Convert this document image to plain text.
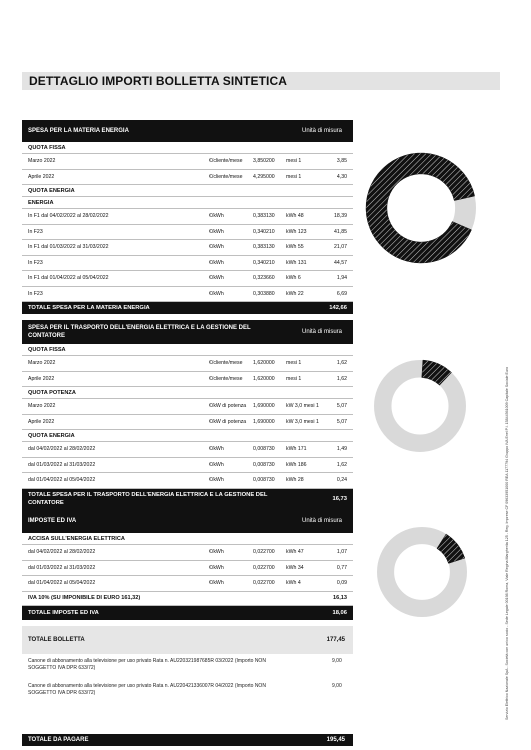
DETTAGLIO IMPORTI BOLLETTA SINTETICA
SPESA PER LA MATERIA ENERGIA	Unità di misura
QUOTA FISSA
Marzo 2022	€/cliente/mese 3,850200 mesi 1	3,85
Aprile 2022	€/cliente/mese 4,295000 mesi 1	4,30
QUOTA ENERGIA
ENERGIA
In F1 dal 04/02/2022 al 28/02/2022	€/kWh	0,383130 kWh 48	18,39
In F23	€/kWh	0,340210 kWh 123	41,85
In F1 dal 01/03/2022 al 31/03/2022	€/kWh	0,383130 kWh 55	21,07
In F23	€/kWh	0,340210 kWh 131	44,57
In F1 dal 01/04/2022 al 05/04/2022	€/kWh	0,323660 kWh 6	1,94
In F23	€/kWh	0,303880 kWh 22	6,69
TOTALE SPESA PER LA MATERIA ENERGIA	142,66
SPESA PER IL TRASPORTO DELL'ENERGIA ELETTRICA E LA GESTIONE DEL CONTATORE
Unità di misura
QUOTA FISSA
Marzo 2022	€/cliente/mese 1,620000 mesi 1	1,62
Aprile 2022	€/cliente/mese 1,620000 mesi 1	1,62
QUOTA POTENZA
Marzo 2022	€/kW di potenza 1,690000 kW 3,0 mesi 1	5,07
Aprile 2022	€/kW di potenza 1,690000 kW 3,0 mesi 1	5,07
QUOTA ENERGIA
dal 04/02/2022 al 28/02/2022	€/kWh	0,008730 kWh 171	1,49
dal 01/03/2022 al 31/03/2022	€/kWh	0,008730 kWh 186	1,62
dal 01/04/2022 al 05/04/2022	€/kWh	0,008730 kWh 28	0,24
TOTALE SPESA PER IL TRASPORTO DELL'ENERGIA ELETTRICA E LA GESTIONE DEL CONTATORE
16,73
IMPOSTE ED IVA	Unità di misura
ACCISA SULL'ENERGIA ELETTRICA
dal 04/02/2022 al 28/02/2022	€/kWh	0,022700 kWh 47	1,07
dal 01/03/2022 al 31/03/2022	€/kWh	0,022700 kWh 34	0,77
dal 01/04/2022 al 05/04/2022	€/kWh	0,022700 kWh 4	0,09
IVA 10% (SU IMPONIBILE DI EURO 161,32)	16,13
TOTALE IMPOSTE ED IVA	18,06	Servizio Elettrico Nazionale SpA - Società con unico socio - Sede Legale 00198 Roma, Viale Regina Margherita 125 - Reg. Imprese CF 09633951000 REA 1177794 Gruppo IVA Enel P.I. 15844561009 Capitale Sociale Euro
TOTALE BOLLETTA	177,45
Canone di abbonamento alla televisione per uso privato Rata n. AU220321987685R 03/2022 (Importo NON SOGGETTO IVA DPR 633/72)
9,00
Canone di abbonamento alla televisione per uso privato Rata n. AU220421336007R 04/2022 (Importo NON SOGGETTO IVA DPR 633/72)
9,00
TOTALE DA PAGARE	195,45
